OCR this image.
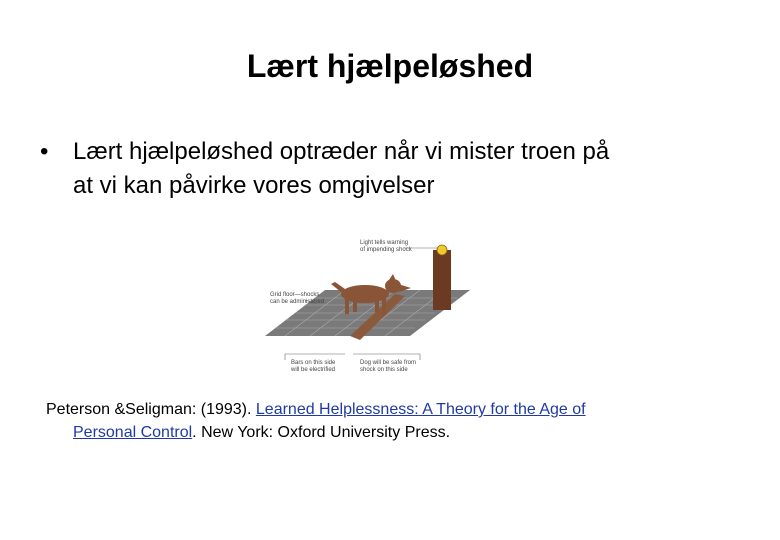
Lært hjælpeløshed
• Lært hjælpeløshed optræder når vi mister troen på
at vi kan påvirke vores omgivelser
Light tells warning
of impending shock
Grid floor—shocks
can be administered
Bars on this side
will be electrified
Dog will be safe from
shock on this side
Peterson &Seligman: (1993). Learned Helplessness: A Theory for the Age of
Personal Control. New York: Oxford University Press.
